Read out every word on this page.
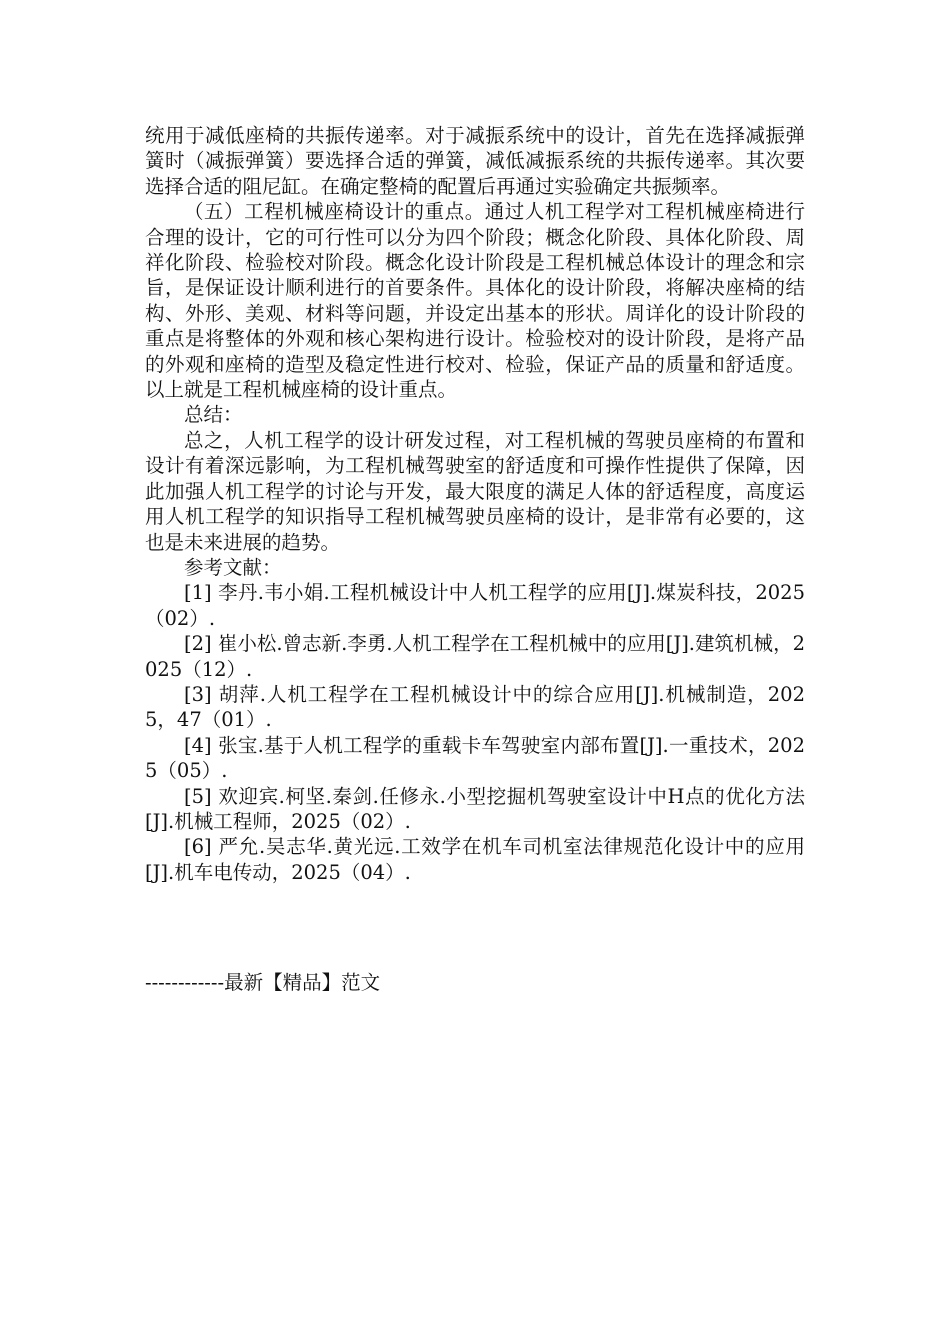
统用于减低座椅的共振传递率。对于减振系统中的设计，首先在选择减振弹簧时（减振弹簧）要选择合适的弹簧，减低减振系统的共振传递率。其次要选择合适的阻尼缸。在确定整椅的配置后再通过实验确定共振频率。

（五）工程机械座椅设计的重点。通过人机工程学对工程机械座椅进行合理的设计，它的可行性可以分为四个阶段；概念化阶段、具体化阶段、周祥化阶段、检验校对阶段。概念化设计阶段是工程机械总体设计的理念和宗旨，是保证设计顺利进行的首要条件。具体化的设计阶段，将解决座椅的结构、外形、美观、材料等问题，并设定出基本的形状。周详化的设计阶段的重点是将整体的外观和核心架构进行设计。检验校对的设计阶段，是将产品的外观和座椅的造型及稳定性进行校对、检验，保证产品的质量和舒适度。以上就是工程机械座椅的设计重点。

总结：

总之，人机工程学的设计研发过程，对工程机械的驾驶员座椅的布置和设计有着深远影响，为工程机械驾驶室的舒适度和可操作性提供了保障，因此加强人机工程学的讨论与开发，最大限度的满足人体的舒适程度，高度运用人机工程学的知识指导工程机械驾驶员座椅的设计，是非常有必要的，这也是未来进展的趋势。

参考文献：

[1] 李丹.韦小娟.工程机械设计中人机工程学的应用[J].煤炭科技，2025（02）.

[2] 崔小松.曾志新.李勇.人机工程学在工程机械中的应用[J].建筑机械，2025（12）.

[3] 胡萍.人机工程学在工程机械设计中的综合应用[J].机械制造，2025，47（01）.

[4] 张宝.基于人机工程学的重载卡车驾驶室内部布置[J].一重技术，2025（05）.

[5] 欢迎宾.柯坚.秦剑.任修永.小型挖掘机驾驶室设计中H点的优化方法[J].机械工程师，2025（02）.

[6] 严允.吴志华.黄光远.工效学在机车司机室法律规范化设计中的应用[J].机车电传动，2025（04）.

------------最新【精品】范文
